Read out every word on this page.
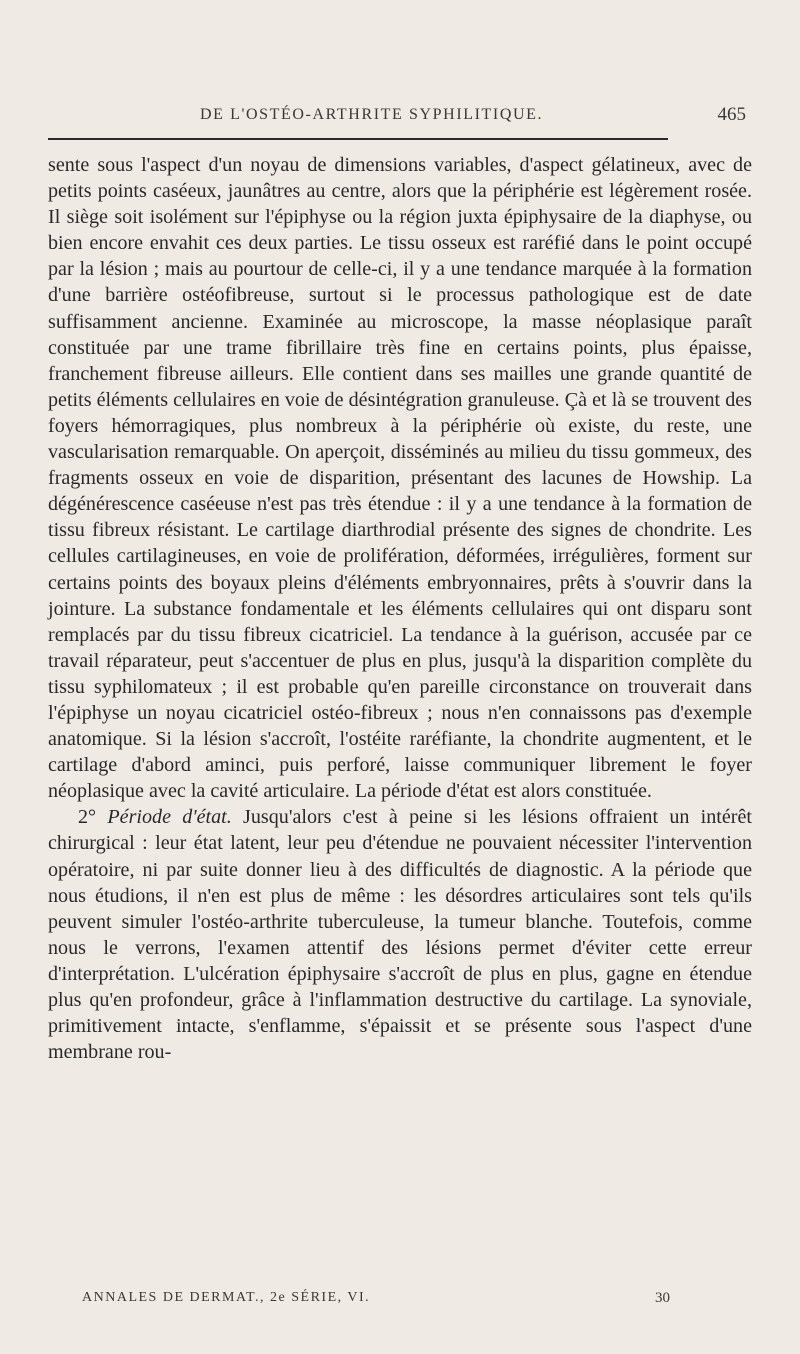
DE L'OSTÉO-ARTHRITE SYPHILITIQUE.	465

sente sous l'aspect d'un noyau de dimensions variables, d'aspect gélatineux, avec de petits points caséeux, jaunâtres au centre, alors que la périphérie est légèrement rosée. Il siège soit isolément sur l'épiphyse ou la région juxta épiphysaire de la diaphyse, ou bien encore envahit ces deux parties. Le tissu osseux est raréfié dans le point occupé par la lésion ; mais au pourtour de celle-ci, il y a une tendance marquée à la formation d'une barrière ostéofibreuse, surtout si le processus pathologique est de date suffisamment ancienne. Examinée au microscope, la masse néoplasique paraît constituée par une trame fibrillaire très fine en certains points, plus épaisse, franchement fibreuse ailleurs. Elle contient dans ses mailles une grande quantité de petits éléments cellulaires en voie de désintégration granuleuse. Çà et là se trouvent des foyers hémorragiques, plus nombreux à la périphérie où existe, du reste, une vascularisation remarquable. On aperçoit, disséminés au milieu du tissu gommeux, des fragments osseux en voie de disparition, présentant des lacunes de Howship. La dégénérescence caséeuse n'est pas très étendue : il y a une tendance à la formation de tissu fibreux résistant. Le cartilage diarthrodial présente des signes de chondrite. Les cellules cartilagineuses, en voie de prolifération, déformées, irrégulières, forment sur certains points des boyaux pleins d'éléments embryonnaires, prêts à s'ouvrir dans la jointure. La substance fondamentale et les éléments cellulaires qui ont disparu sont remplacés par du tissu fibreux cicatriciel. La tendance à la guérison, accusée par ce travail réparateur, peut s'accentuer de plus en plus, jusqu'à la disparition complète du tissu syphilomateux ; il est probable qu'en pareille circonstance on trouverait dans l'épiphyse un noyau cicatriciel ostéo-fibreux ; nous n'en connaissons pas d'exemple anatomique. Si la lésion s'accroît, l'ostéite raréfiante, la chondrite augmentent, et le cartilage d'abord aminci, puis perforé, laisse communiquer librement le foyer néoplasique avec la cavité articulaire. La période d'état est alors constituée.

2° Période d'état. Jusqu'alors c'est à peine si les lésions offraient un intérêt chirurgical : leur état latent, leur peu d'étendue ne pouvaient nécessiter l'intervention opératoire, ni par suite donner lieu à des difficultés de diagnostic. A la période que nous étudions, il n'en est plus de même : les désordres articulaires sont tels qu'ils peuvent simuler l'ostéo-arthrite tuberculeuse, la tumeur blanche. Toutefois, comme nous le verrons, l'examen attentif des lésions permet d'éviter cette erreur d'interprétation. L'ulcération épiphysaire s'accroît de plus en plus, gagne en étendue plus qu'en profondeur, grâce à l'inflammation destructive du cartilage. La synoviale, primitivement intacte, s'enflamme, s'épaissit et se présente sous l'aspect d'une membrane rou-

ANNALES DE DERMAT., 2e SÉRIE, VI.	30
